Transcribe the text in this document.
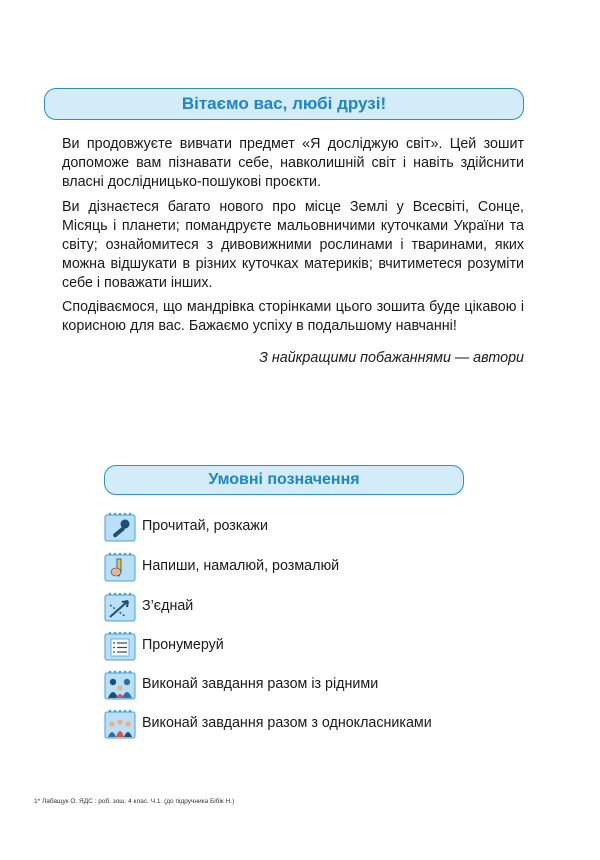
Вітаємо вас, любі друзі!

Ви продовжуєте вивчати предмет «Я досліджую світ». Цей зошит допоможе вам пізнавати себе, навколишній світ і навіть здійснити власні дослідницько-пошукові проєкти.

Ви дізнаєтеся багато нового про місце Землі у Всесвіті, Сонце, Місяць і планети; помандруєте мальовничими куточками України та світу; ознайомитеся з дивовижними рослинами і тваринами, яких можна відшукати в різних куточках материків; вчитиметеся розуміти себе і поважати інших.

Сподіваємося, що мандрівка сторінками цього зошита буде цікавою і корисною для вас. Бажаємо успіху в подальшому навчанні!

З найкращими побажаннями — автори
Умовні позначення
Прочитай, розкажи
Напиши, намалюй, розмалюй
З’єднай
Пронумеруй
Виконай завдання разом із рідними
Виконай завдання разом з однокласниками
1* Лабащук О. ЯДС : роб. зош. 4 клас. Ч.1. (до підручника Бібік Н.)
